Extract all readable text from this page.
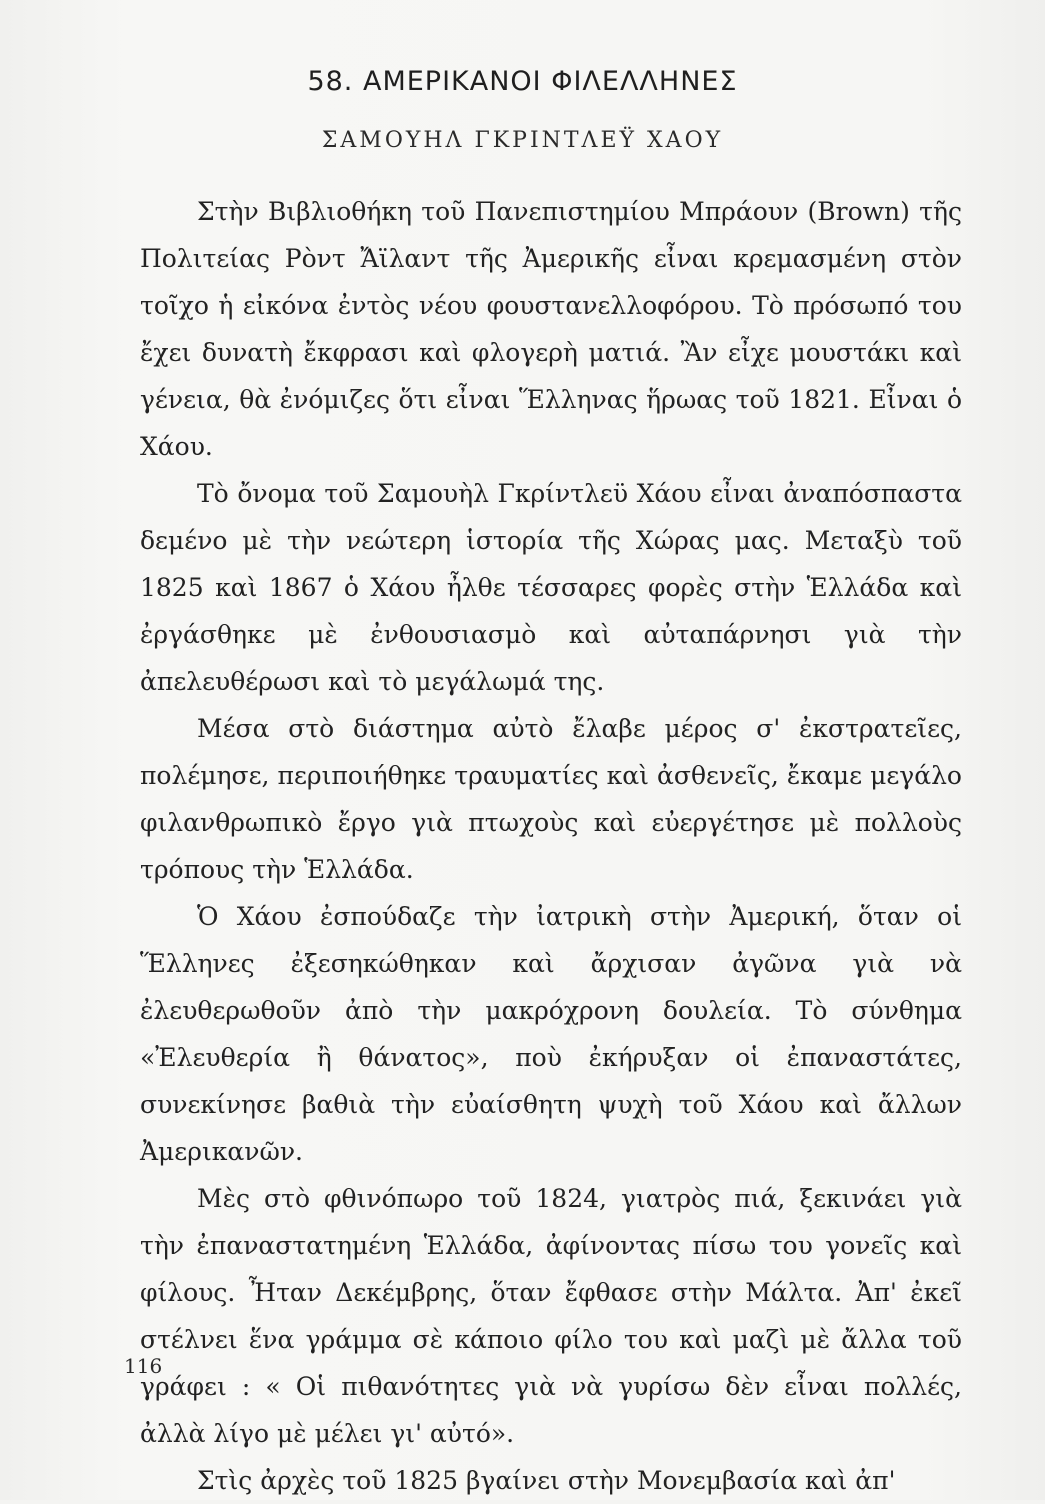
58. ΑΜΕΡΙΚΑΝΟΙ ΦΙΛΕΛΛΗΝΕΣ
ΣΑΜΟΥΗΛ ΓΚΡΙΝΤΛΕΫ ΧΑΟΥ

Στὴν Βιβλιοθήκη τοῦ Πανεπιστημίου Μπράουν (Brown) τῆς Πολιτείας Ρὸντ Ἄϊλαντ τῆς Ἀμερικῆς εἶναι κρεμασμένη στὸν τοῖχο ἡ εἰκόνα ἐντὸς νέου φουστανελλοφόρου. Τὸ πρόσωπό του ἔχει δυνατὴ ἔκφρασι καὶ φλογερὴ ματιά. Ἂν εἶχε μουστάκι καὶ γένεια, θὰ ἐνόμιζες ὅτι εἶναι Ἕλληνας ἥρωας τοῦ 1821. Εἶναι ὁ Χάου.

Τὸ ὄνομα τοῦ Σαμουὴλ Γκρίντλεϋ Χάου εἶναι ἀναπόσπαστα δεμένο μὲ τὴν νεώτερη ἱστορία τῆς Χώρας μας. Μεταξὺ τοῦ 1825 καὶ 1867 ὁ Χάου ἦλθε τέσσαρες φορὲς στὴν Ἑλλάδα καὶ ἐργάσθηκε μὲ ἐνθουσιασμὸ καὶ αὐταπάρνησι γιὰ τὴν ἀπελευθέρωσι καὶ τὸ μεγάλωμά της.

Μέσα στὸ διάστημα αὐτὸ ἔλαβε μέρος σ' ἐκστρατεῖες, πολέμησε, περιποιήθηκε τραυματίες καὶ ἀσθενεῖς, ἔκαμε μεγάλο φιλανθρωπικὸ ἔργο γιὰ πτωχοὺς καὶ εὐεργέτησε μὲ πολλοὺς τρόπους τὴν Ἑλλάδα.

Ὁ Χάου ἐσπούδαζε τὴν ἰατρικὴ στὴν Ἀμερική, ὅταν οἱ Ἕλληνες ἐξεσηκώθηκαν καὶ ἄρχισαν ἀγῶνα γιὰ νὰ ἐλευθερωθοῦν ἀπὸ τὴν μακρόχρονη δουλεία. Τὸ σύνθημα «Ἐλευθερία ἢ θάνατος», ποὺ ἐκήρυξαν οἱ ἐπαναστάτες, συνεκίνησε βαθιὰ τὴν εὐαίσθητη ψυχὴ τοῦ Χάου καὶ ἄλλων Ἀμερικανῶν.

Μὲς στὸ φθινόπωρο τοῦ 1824, γιατρὸς πιά, ξεκινάει γιὰ τὴν ἐπαναστατημένη Ἑλλάδα, ἀφίνοντας πίσω του γονεῖς καὶ φίλους. Ἦταν Δεκέμβρης, ὅταν ἔφθασε στὴν Μάλτα. Ἀπ' ἐκεῖ στέλνει ἕνα γράμμα σὲ κάποιο φίλο του καὶ μαζὶ μὲ ἄλλα τοῦ γράφει : « Οἱ πιθανότητες γιὰ νὰ γυρίσω δὲν εἶναι πολλές, ἀλλὰ λίγο μὲ μέλει γι' αὐτό».

Στὶς ἀρχὲς τοῦ 1825 βγαίνει στὴν Μονεμβασία καὶ ἀπ'

116
